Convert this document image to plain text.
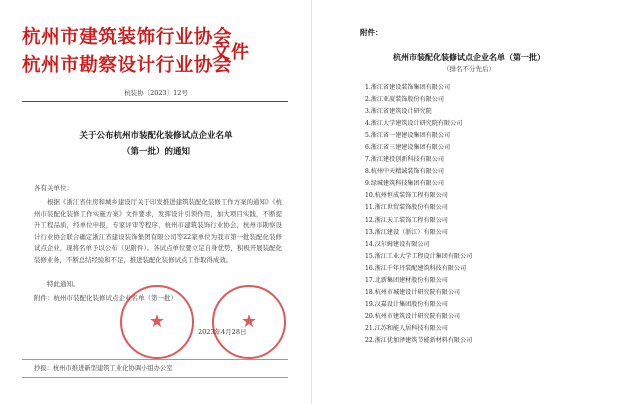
杭州市建筑装饰行业协会
杭州市勘察设计行业协会
文件
杭装协〔2023〕12号
关于公布杭州市装配化装修试点企业名单
（第一批）的通知
各有关单位：

根据《浙江省住房和城乡建设厅关于印发推进建筑装配化装修工作方案的通知》《杭州市装配化装修工作实施方案》文件要求，发挥设计引领作用，加大项目实践，不断提升工程品质，经单位申报，专家评审等程序，杭州市建筑装饰行业协会、杭州市勘察设计行业协会联合确定浙江省建设装饰集团有限公司等22家单位为我市第一批装配化装修试点企业，现将名单予以公布（见附件）。各试点单位要立足自身优势，积极开展装配化装修业务，不断总结经验和不足，推进装配化装修试点工作取得成效。

特此通知。
附件：杭州市装配化装修试点企业名单（第一批）
★
★
2023年4月28日
抄报：杭州市推进新型建筑工业化协调小组办公室
附件：
杭州市装配化装修试点企业名单（第一批）
（排名不分先后）
1.浙江省建设装饰集团有限公司
2.浙江亚厦装饰股份有限公司
3.浙江省建筑设计研究院
4.浙江大学建筑设计研究院有限公司
5.浙江省一建建设集团有限公司
6.浙江省三建建设集团有限公司
7.浙江建投创新科技有限公司
8.杭州中天精诚装饰有限公司
9.绿城建筑科技集团有限公司
10.杭州恒成装饰工程有限公司
11.浙江世贸装饰股份有限公司
12.浙江天工装饰工程有限公司
13.浙江建设（浙江）有限公司
14.汉尔姆建设有限公司
15.浙江工业大学工程设计集团有限公司
16.浙江千年丹装配建筑科技有限公司
17.北新集团建材股份有限公司
18.杭州市城建设计研究院有限公司
19.汉嘉设计集团股份有限公司
20.杭州市建筑设计研究院有限公司
21.江苏和能人居科技有限公司
22.浙江优加泽建筑节能新材料有限公司
